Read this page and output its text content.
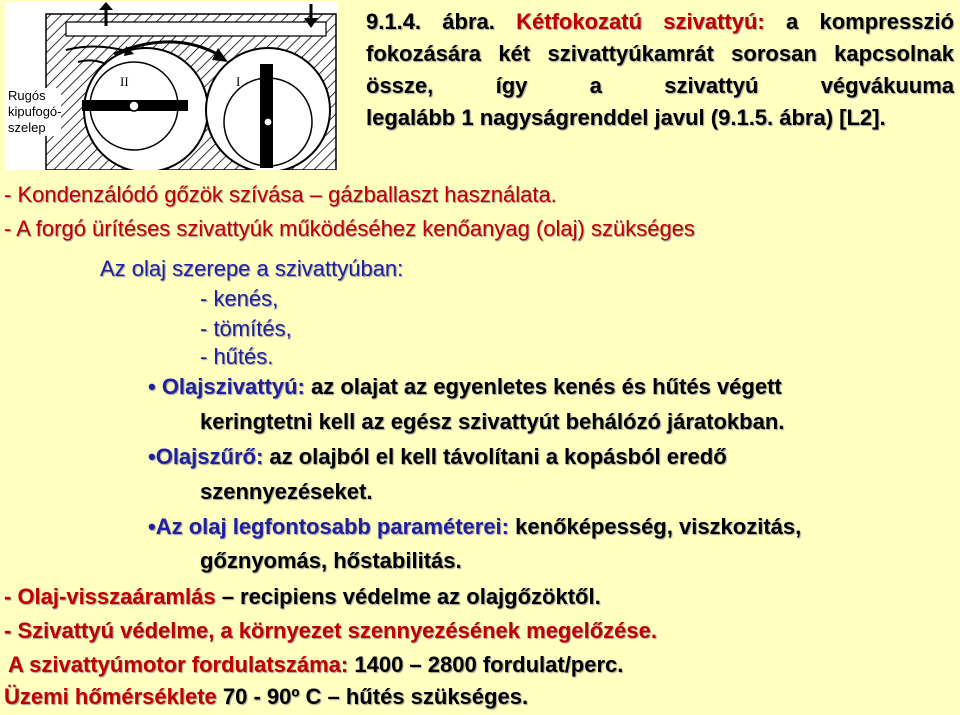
II	I
Rugós
kipufogó-
szelep
9.1.4. ábra. Kétfokozatú szivattyú: a kompresszió fokozására két szivattyúkamrát sorosan kapcsolnak össze, így a szivattyú végvákuuma
legalább 1 nagyságrenddel javul (9.1.5. ábra) [L2].
- Kondenzálódó gőzök szívása – gázballaszt használata.
- A forgó ürítéses szivattyúk működéséhez kenőanyag (olaj) szükséges
Az olaj szerepe a szivattyúban:
- kenés,
- tömítés,
- hűtés.
• Olajszivattyú: az olajat az egyenletes kenés és hűtés végett
keringtetni kell az egész szivattyút behálózó járatokban.
•Olajszűrő: az olajból el kell távolítani a kopásból eredő
szennyezéseket.
•Az olaj legfontosabb paraméterei: kenőképesség, viszkozitás,
gőznyomás, hőstabilitás.
- Olaj-visszaáramlás – recipiens védelme az olajgőzöktől.
- Szivattyú védelme, a környezet szennyezésének megelőzése.
A szivattyúmotor fordulatszáma: 1400 – 2800 fordulat/perc.
Üzemi hőmérséklete 70 - 90º C – hűtés szükséges.
